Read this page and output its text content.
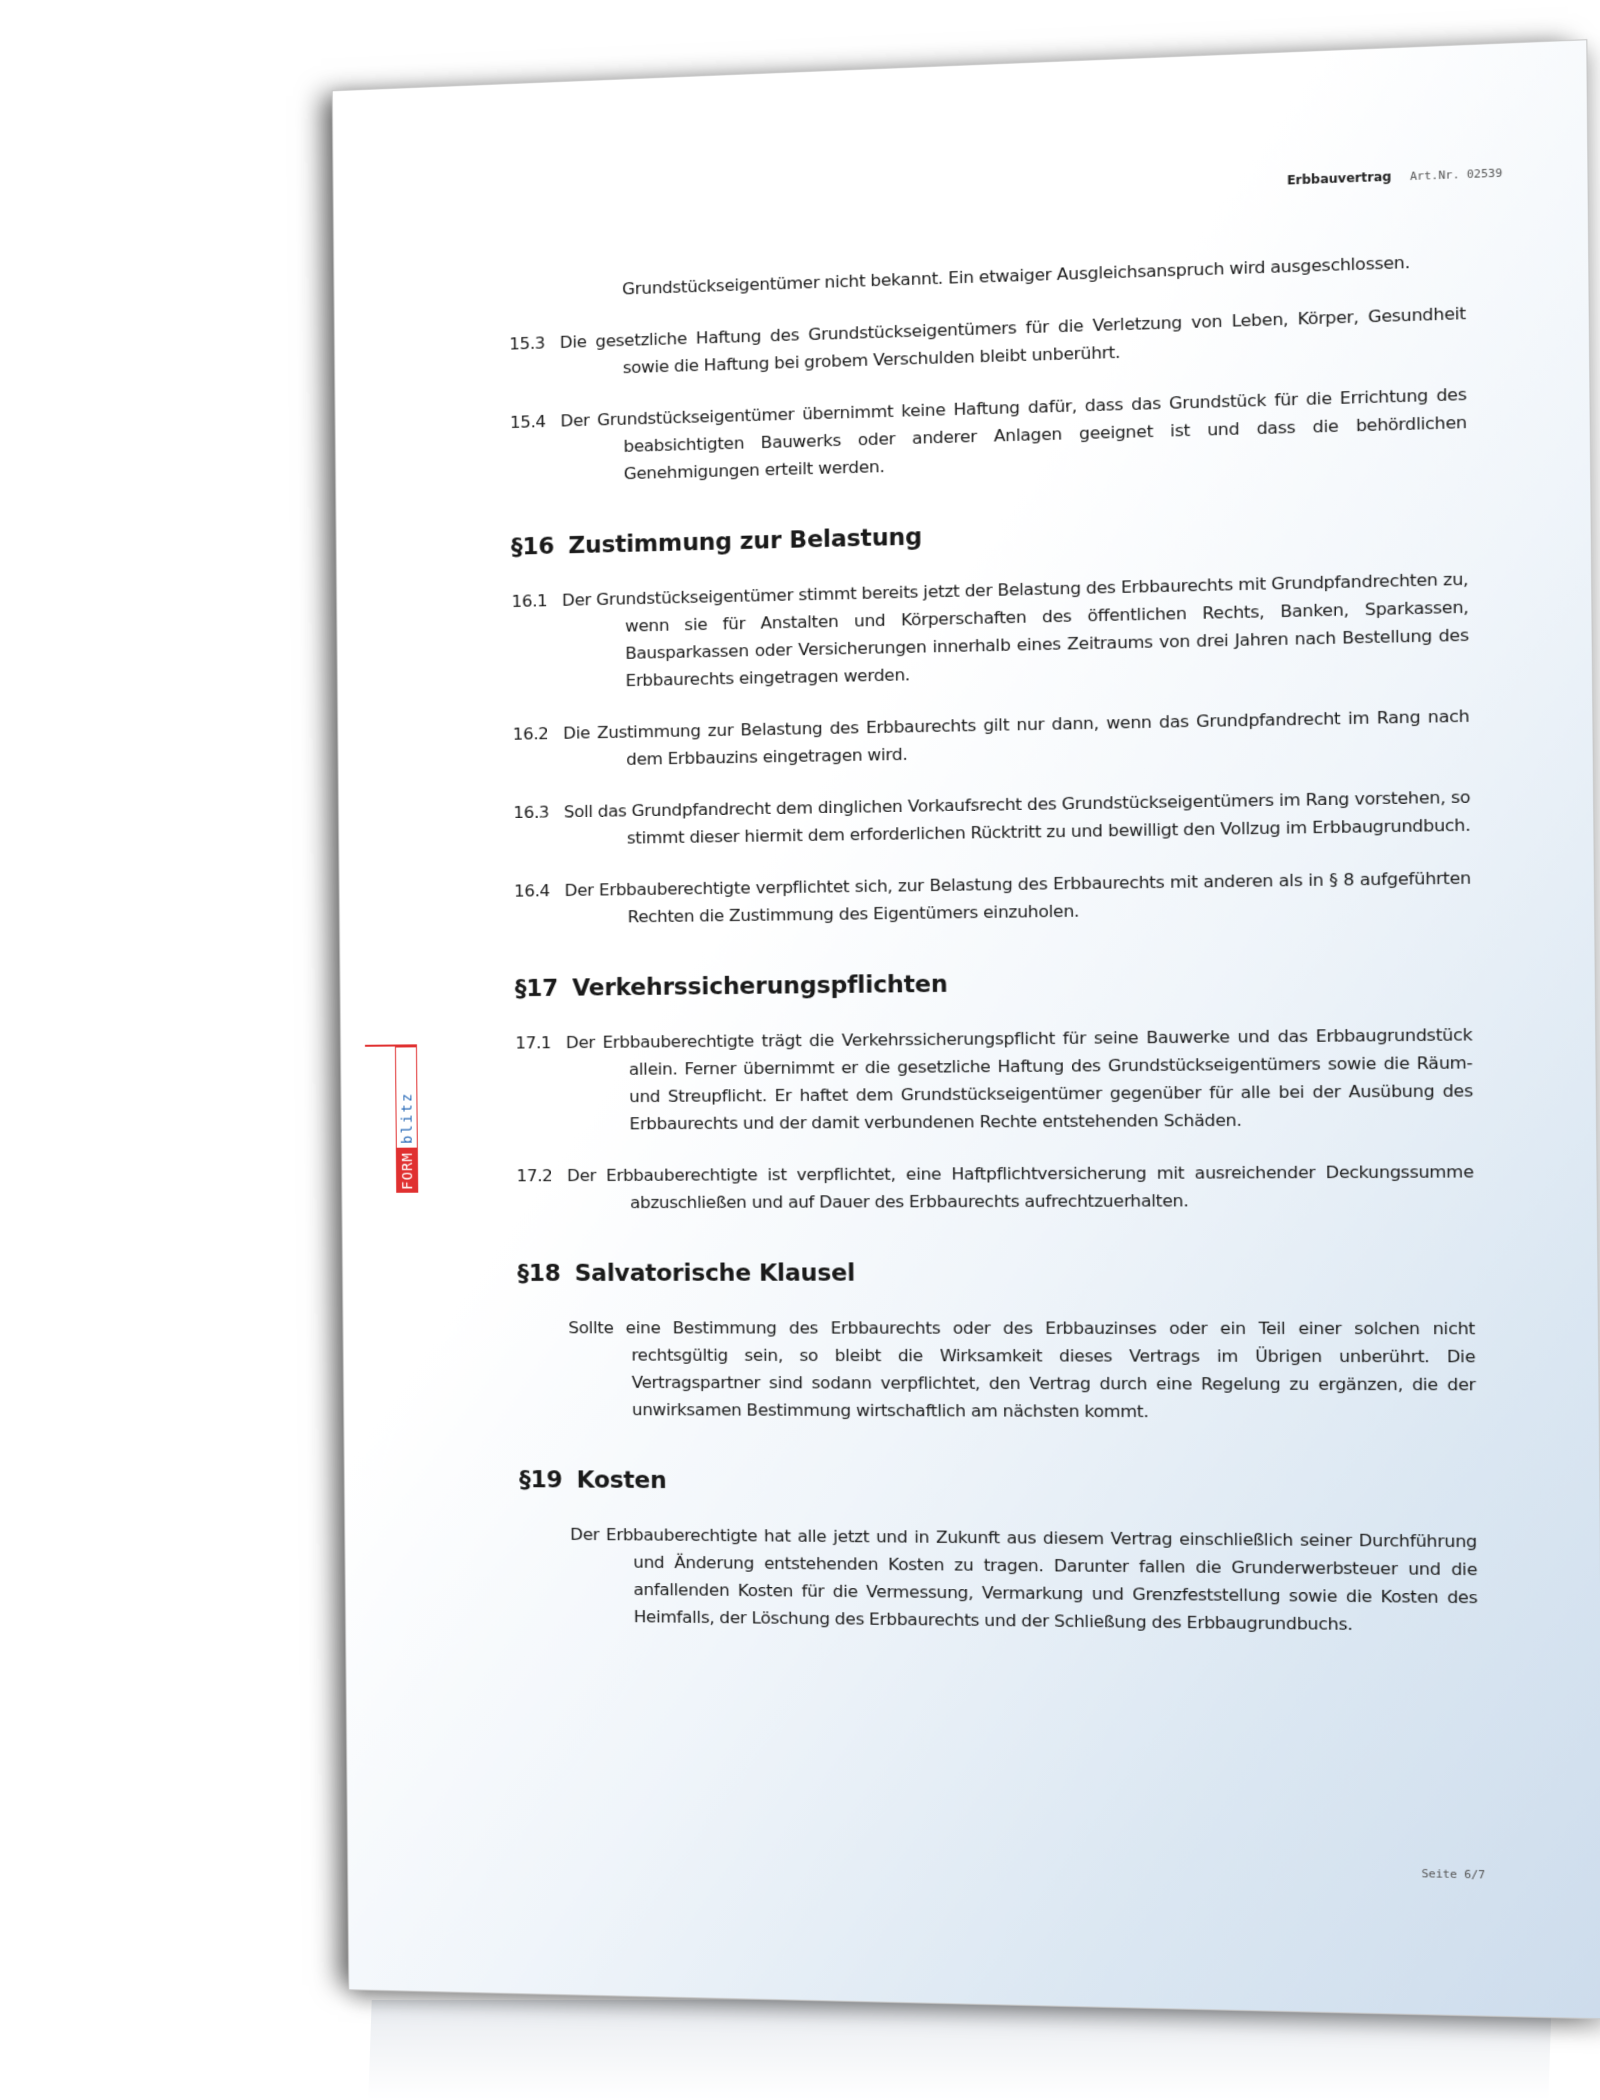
Erbbauvertrag Art.Nr. 02539
FORM
blitz
Grundstückseigentümer nicht bekannt. Ein etwaiger Ausgleichsanspruch wird ausgeschlossen.
15.3 Die gesetzliche Haftung des Grundstückseigentümers für die Verletzung von Leben, Körper, Gesundheit sowie die Haftung bei grobem Verschulden bleibt unberührt.
15.4 Der Grundstückseigentümer übernimmt keine Haftung dafür, dass das Grundstück für die Errichtung des beabsichtigten Bauwerks oder anderer Anlagen geeignet ist und dass die behördlichen Genehmigungen erteilt werden.
§16 Zustimmung zur Belastung
16.1 Der Grundstückseigentümer stimmt bereits jetzt der Belastung des Erbbaurechts mit Grundpfandrechten zu, wenn sie für Anstalten und Körperschaften des öffentlichen Rechts, Banken, Sparkassen, Bausparkassen oder Versicherungen innerhalb eines Zeitraums von drei Jahren nach Bestellung des Erbbaurechts eingetragen werden.
16.2 Die Zustimmung zur Belastung des Erbbaurechts gilt nur dann, wenn das Grundpfandrecht im Rang nach dem Erbbauzins eingetragen wird.
16.3 Soll das Grundpfandrecht dem dinglichen Vorkaufsrecht des Grundstückseigentümers im Rang vorstehen, so stimmt dieser hiermit dem erforderlichen Rücktritt zu und bewilligt den Vollzug im Erbbaugrundbuch.
16.4 Der Erbbauberechtigte verpflichtet sich, zur Belastung des Erbbaurechts mit anderen als in § 8 aufgeführten Rechten die Zustimmung des Eigentümers einzuholen.
§17 Verkehrssicherungspflichten
17.1 Der Erbbauberechtigte trägt die Verkehrssicherungspflicht für seine Bauwerke und das Erbbaugrundstück allein. Ferner übernimmt er die gesetzliche Haftung des Grundstückseigentümers sowie die Räum- und Streupflicht. Er haftet dem Grundstückseigentümer gegenüber für alle bei der Ausübung des Erbbaurechts und der damit verbundenen Rechte entstehenden Schäden.
17.2 Der Erbbauberechtigte ist verpflichtet, eine Haftpflichtversicherung mit ausreichender Deckungssumme abzuschließen und auf Dauer des Erbbaurechts aufrechtzuerhalten.
§18 Salvatorische Klausel
Sollte eine Bestimmung des Erbbaurechts oder des Erbbauzinses oder ein Teil einer solchen nicht rechtsgültig sein, so bleibt die Wirksamkeit dieses Vertrags im Übrigen unberührt. Die Vertragspartner sind sodann verpflichtet, den Vertrag durch eine Regelung zu ergänzen, die der unwirksamen Bestimmung wirtschaftlich am nächsten kommt.
§19 Kosten
Der Erbbauberechtigte hat alle jetzt und in Zukunft aus diesem Vertrag einschließlich seiner Durchführung und Änderung entstehenden Kosten zu tragen. Darunter fallen die Grunderwerbsteuer und die anfallenden Kosten für die Vermessung, Vermarkung und Grenzfeststellung sowie die Kosten des Heimfalls, der Löschung des Erbbaurechts und der Schließung des Erbbaugrundbuchs.
Seite 6/7
